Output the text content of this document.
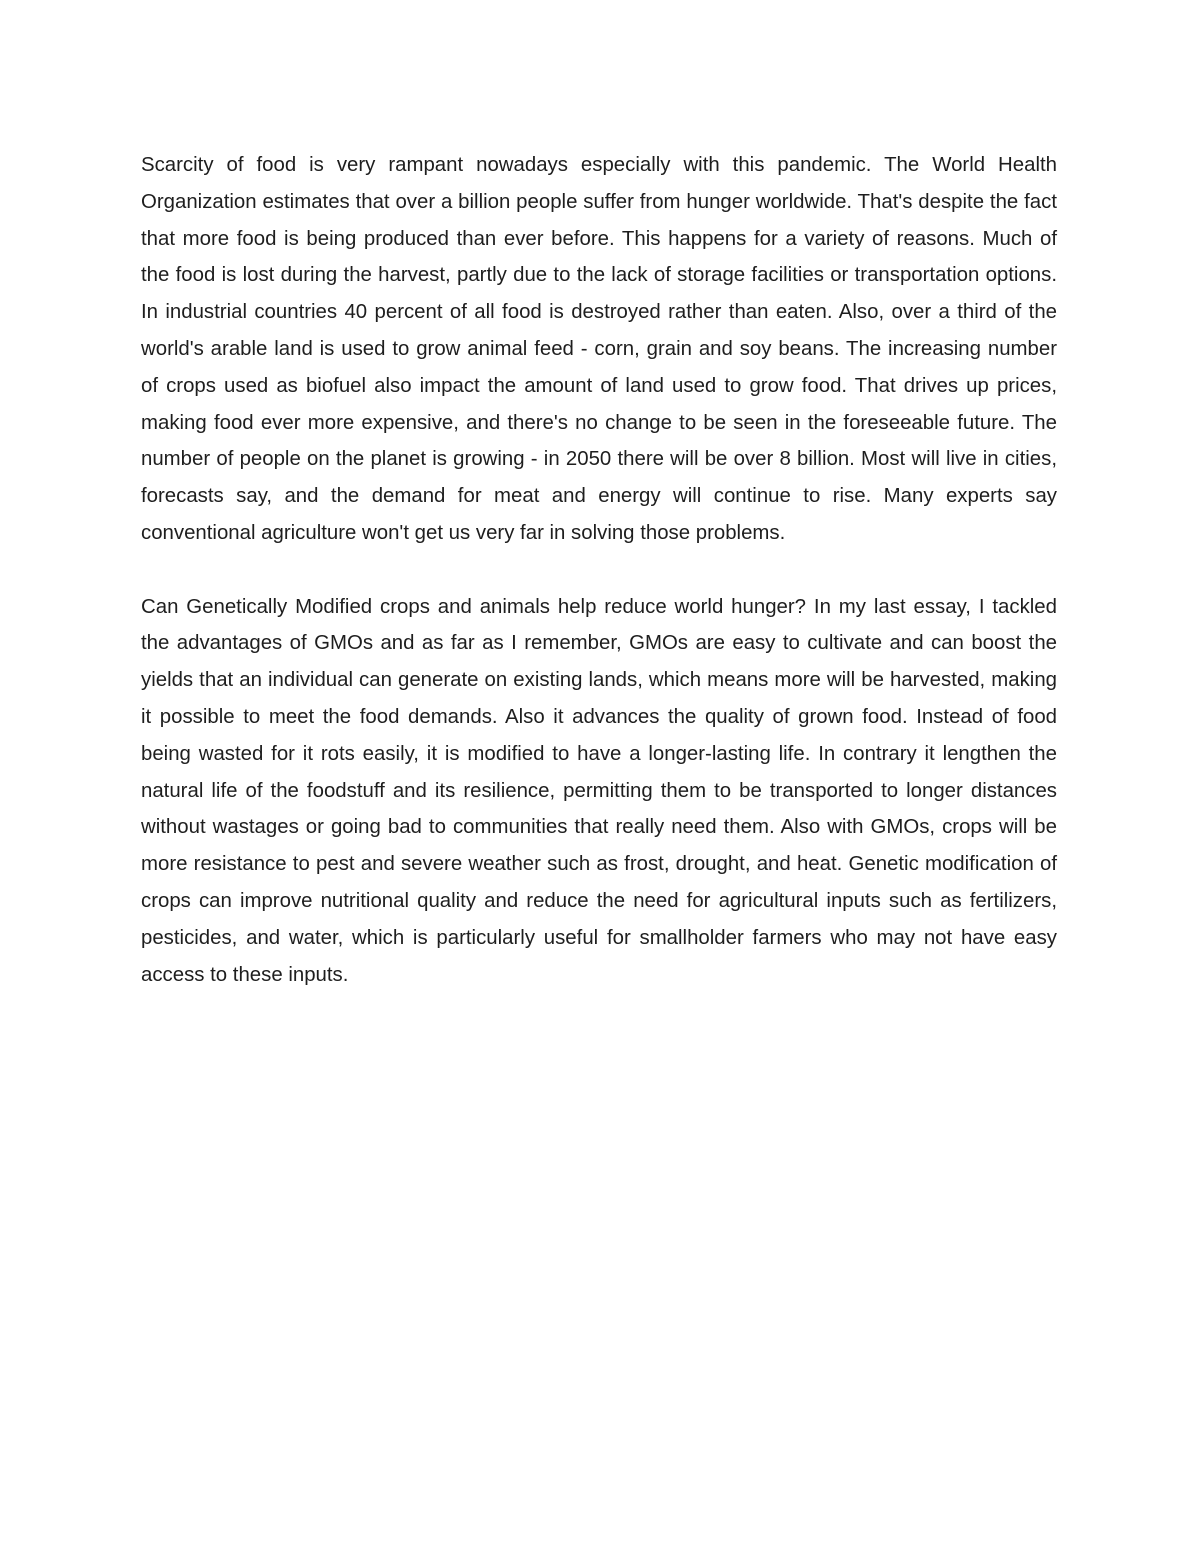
Scarcity of food is very rampant nowadays especially with this pandemic. The World Health Organization estimates that over a billion people suffer from hunger worldwide. That's despite the fact that more food is being produced than ever before. This happens for a variety of reasons. Much of the food is lost during the harvest, partly due to the lack of storage facilities or transportation options. In industrial countries 40 percent of all food is destroyed rather than eaten. Also, over a third of the world's arable land is used to grow animal feed - corn, grain and soy beans. The increasing number of crops used as biofuel also impact the amount of land used to grow food. That drives up prices, making food ever more expensive, and there's no change to be seen in the foreseeable future. The number of people on the planet is growing - in 2050 there will be over 8 billion. Most will live in cities, forecasts say, and the demand for meat and energy will continue to rise. Many experts say conventional agriculture won't get us very far in solving those problems.

Can Genetically Modified crops and animals help reduce world hunger? In my last essay, I tackled the advantages of GMOs and as far as I remember, GMOs are easy to cultivate and can boost the yields that an individual can generate on existing lands, which means more will be harvested, making it possible to meet the food demands. Also it advances the quality of grown food. Instead of food being wasted for it rots easily, it is modified to have a longer-lasting life. In contrary it lengthen the natural life of the foodstuff and its resilience, permitting them to be transported to longer distances without wastages or going bad to communities that really need them. Also with GMOs, crops will be more resistance to pest and severe weather such as frost, drought, and heat. Genetic modification of crops can improve nutritional quality and reduce the need for agricultural inputs such as fertilizers, pesticides, and water, which is particularly useful for smallholder farmers who may not have easy access to these inputs.
